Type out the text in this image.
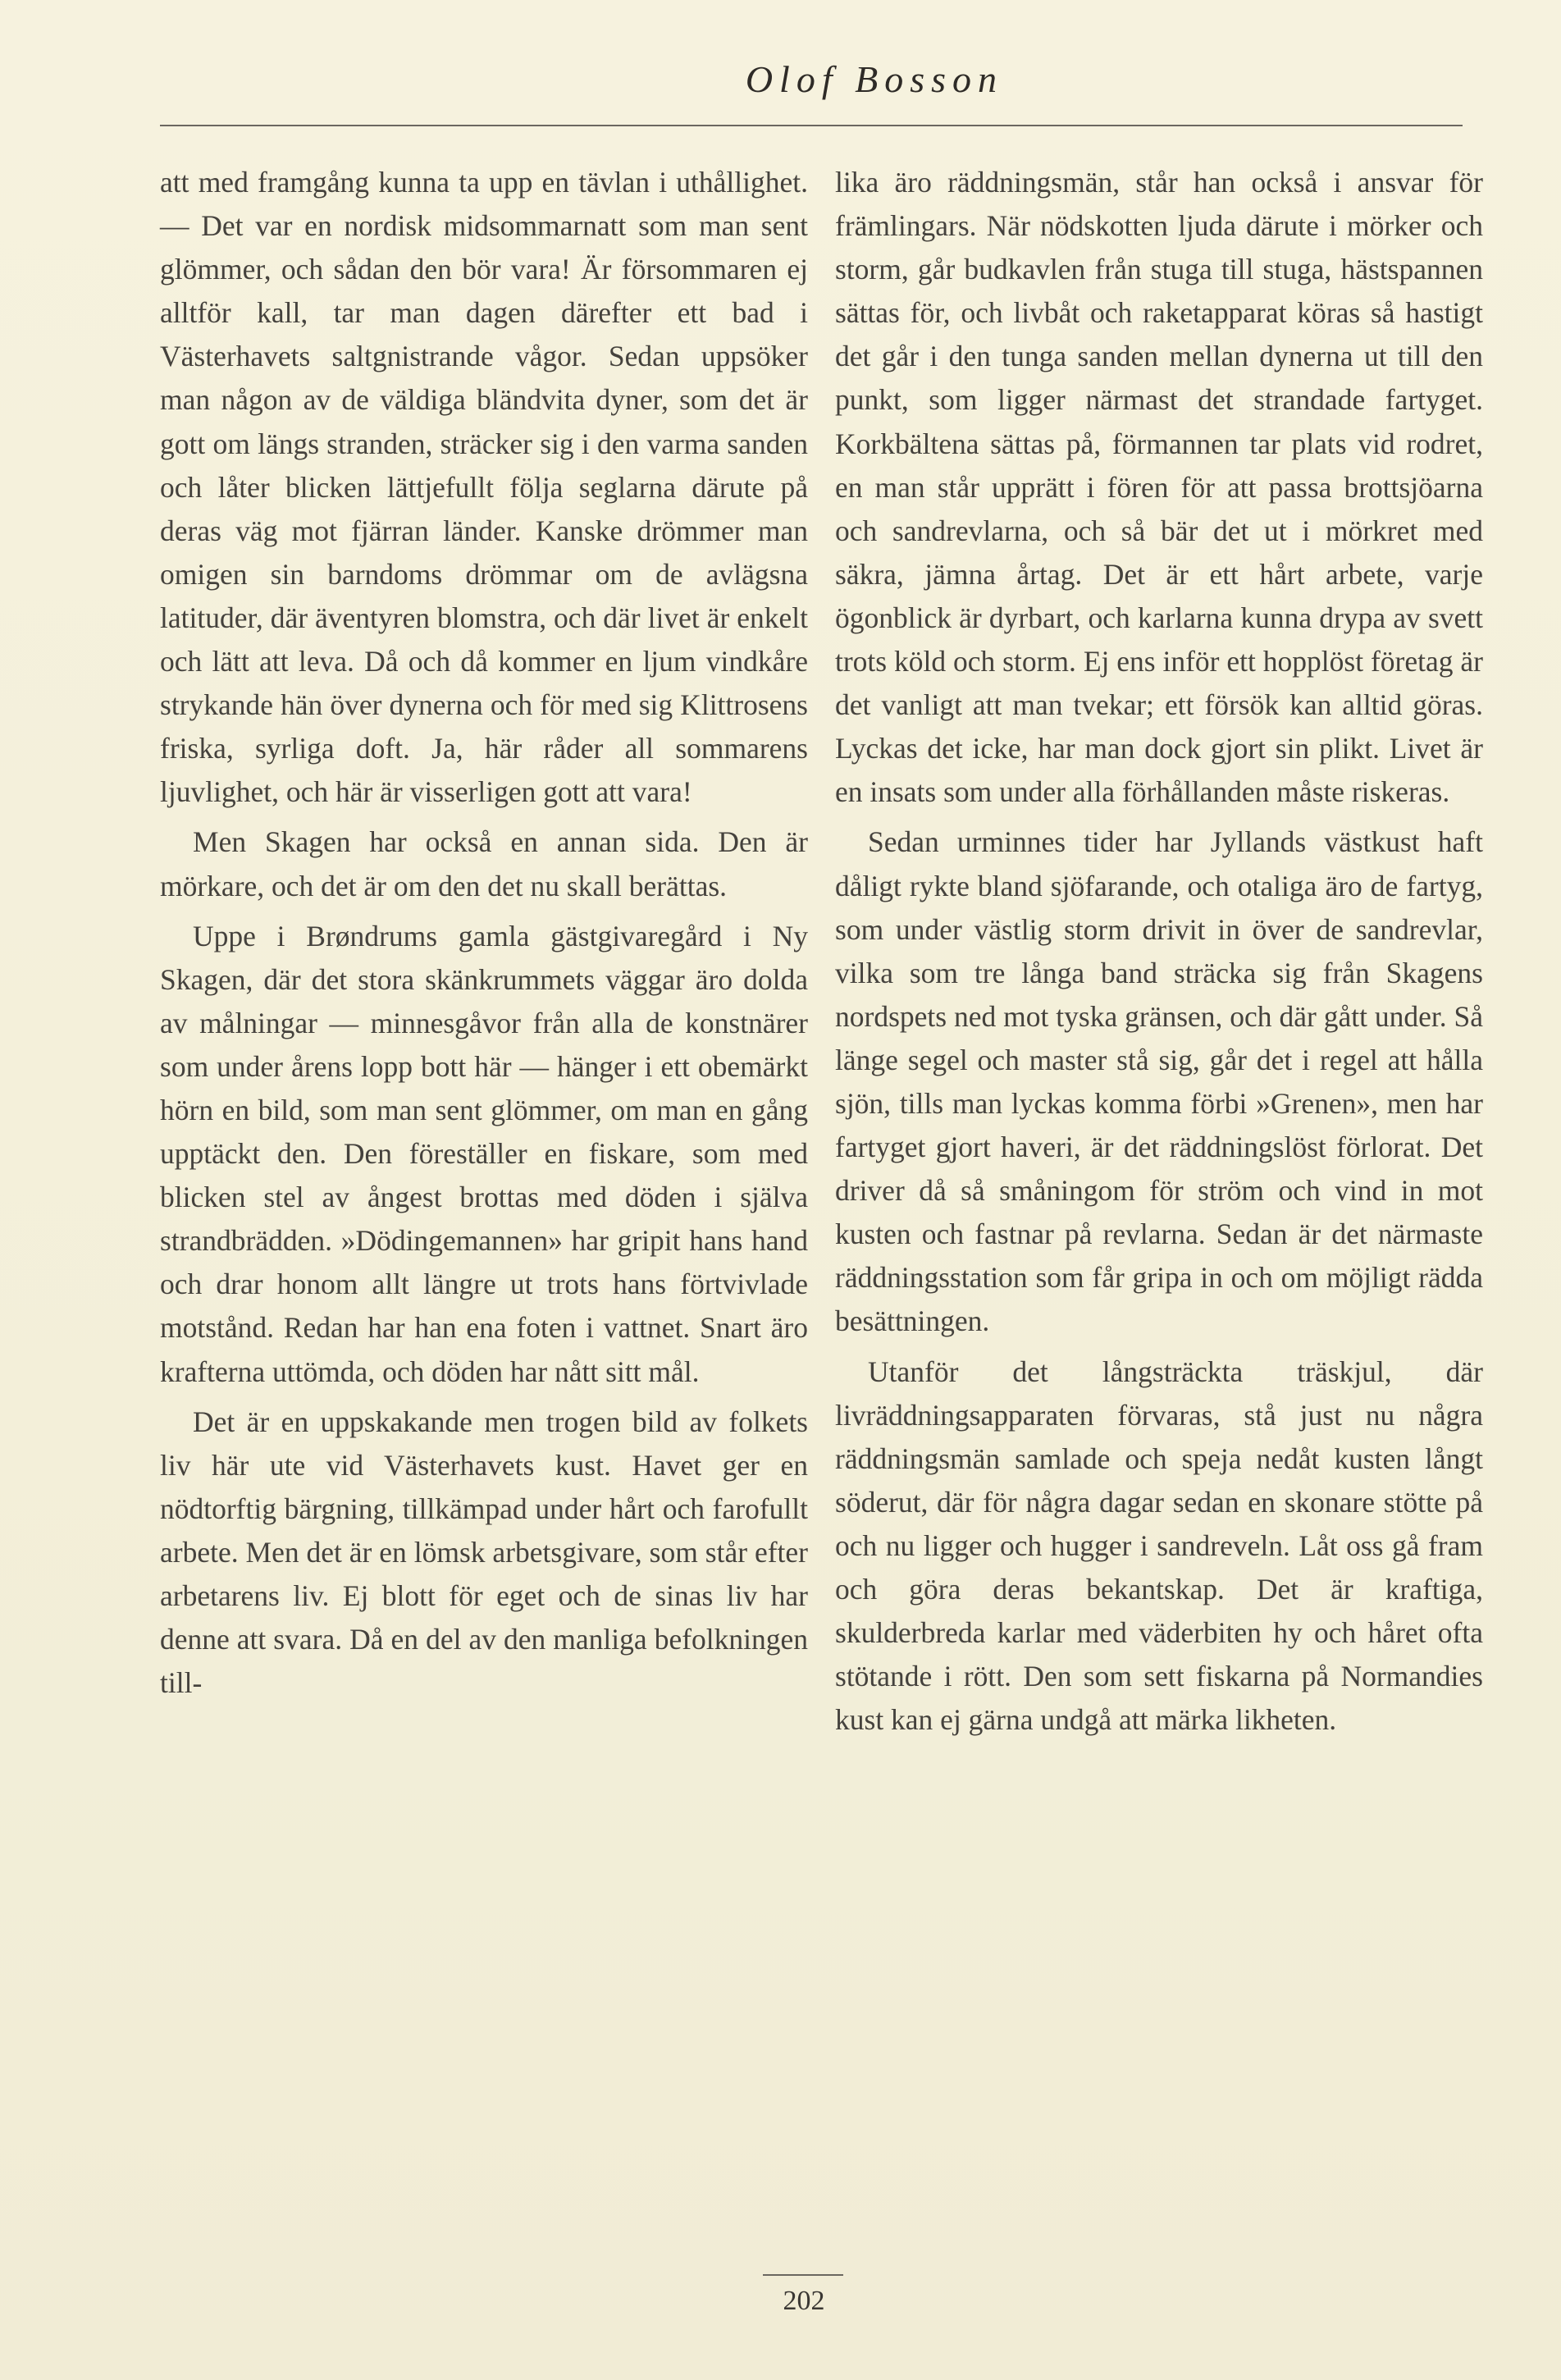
Olof Bosson

att med framgång kunna ta upp en tävlan i uthållighet. — Det var en nordisk midsommarnatt som man sent glömmer, och sådan den bör vara! Är försommaren ej alltför kall, tar man dagen därefter ett bad i Västerhavets saltgnistrande vågor. Sedan uppsöker man någon av de väldiga bländvita dyner, som det är gott om längs stranden, sträcker sig i den varma sanden och låter blicken lättjefullt följa seglarna därute på deras väg mot fjärran länder. Kanske drömmer man omigen sin barndoms drömmar om de avlägsna latituder, där äventyren blomstra, och där livet är enkelt och lätt att leva. Då och då kommer en ljum vindkåre strykande hän över dynerna och för med sig Klittrosens friska, syrliga doft. Ja, här råder all sommarens ljuvlighet, och här är visserligen gott att vara!

Men Skagen har också en annan sida. Den är mörkare, och det är om den det nu skall berättas.

Uppe i Brøndrums gamla gästgivaregård i Ny Skagen, där det stora skänkrummets väggar äro dolda av målningar — minnesgåvor från alla de konstnärer som under årens lopp bott här — hänger i ett obemärkt hörn en bild, som man sent glömmer, om man en gång upptäckt den. Den föreställer en fiskare, som med blicken stel av ångest brottas med döden i själva strandbrädden. »Dödingemannen» har gripit hans hand och drar honom allt längre ut trots hans förtvivlade motstånd. Redan har han ena foten i vattnet. Snart äro krafterna uttömda, och döden har nått sitt mål.

Det är en uppskakande men trogen bild av folkets liv här ute vid Västerhavets kust. Havet ger en nödtorftig bärgning, tillkämpad under hårt och farofullt arbete. Men det är en lömsk arbetsgivare, som står efter arbetarens liv. Ej blott för eget och de sinas liv har denne att svara. Då en del av den manliga befolkningen till-

lika äro räddningsmän, står han också i ansvar för främlingars. När nödskotten ljuda därute i mörker och storm, går budkavlen från stuga till stuga, hästspannen sättas för, och livbåt och raketapparat köras så hastigt det går i den tunga sanden mellan dynerna ut till den punkt, som ligger närmast det strandade fartyget. Korkbältena sättas på, förmannen tar plats vid rodret, en man står upprätt i fören för att passa brottsjöarna och sandrevlarna, och så bär det ut i mörkret med säkra, jämna årtag. Det är ett hårt arbete, varje ögonblick är dyrbart, och karlarna kunna drypa av svett trots köld och storm. Ej ens inför ett hopplöst företag är det vanligt att man tvekar; ett försök kan alltid göras. Lyckas det icke, har man dock gjort sin plikt. Livet är en insats som under alla förhållanden måste riskeras.

Sedan urminnes tider har Jyllands västkust haft dåligt rykte bland sjöfarande, och otaliga äro de fartyg, som under västlig storm drivit in över de sandrevlar, vilka som tre långa band sträcka sig från Skagens nordspets ned mot tyska gränsen, och där gått under. Så länge segel och master stå sig, går det i regel att hålla sjön, tills man lyckas komma förbi »Grenen», men har fartyget gjort haveri, är det räddningslöst förlorat. Det driver då så småningom för ström och vind in mot kusten och fastnar på revlarna. Sedan är det närmaste räddningsstation som får gripa in och om möjligt rädda besättningen.

Utanför det långsträckta träskjul, där livräddningsapparaten förvaras, stå just nu några räddningsmän samlade och speja nedåt kusten långt söderut, där för några dagar sedan en skonare stötte på och nu ligger och hugger i sandreveln. Låt oss gå fram och göra deras bekantskap. Det är kraftiga, skulderbreda karlar med väderbiten hy och håret ofta stötande i rött. Den som sett fiskarna på Normandies kust kan ej gärna undgå att märka likheten.

202
